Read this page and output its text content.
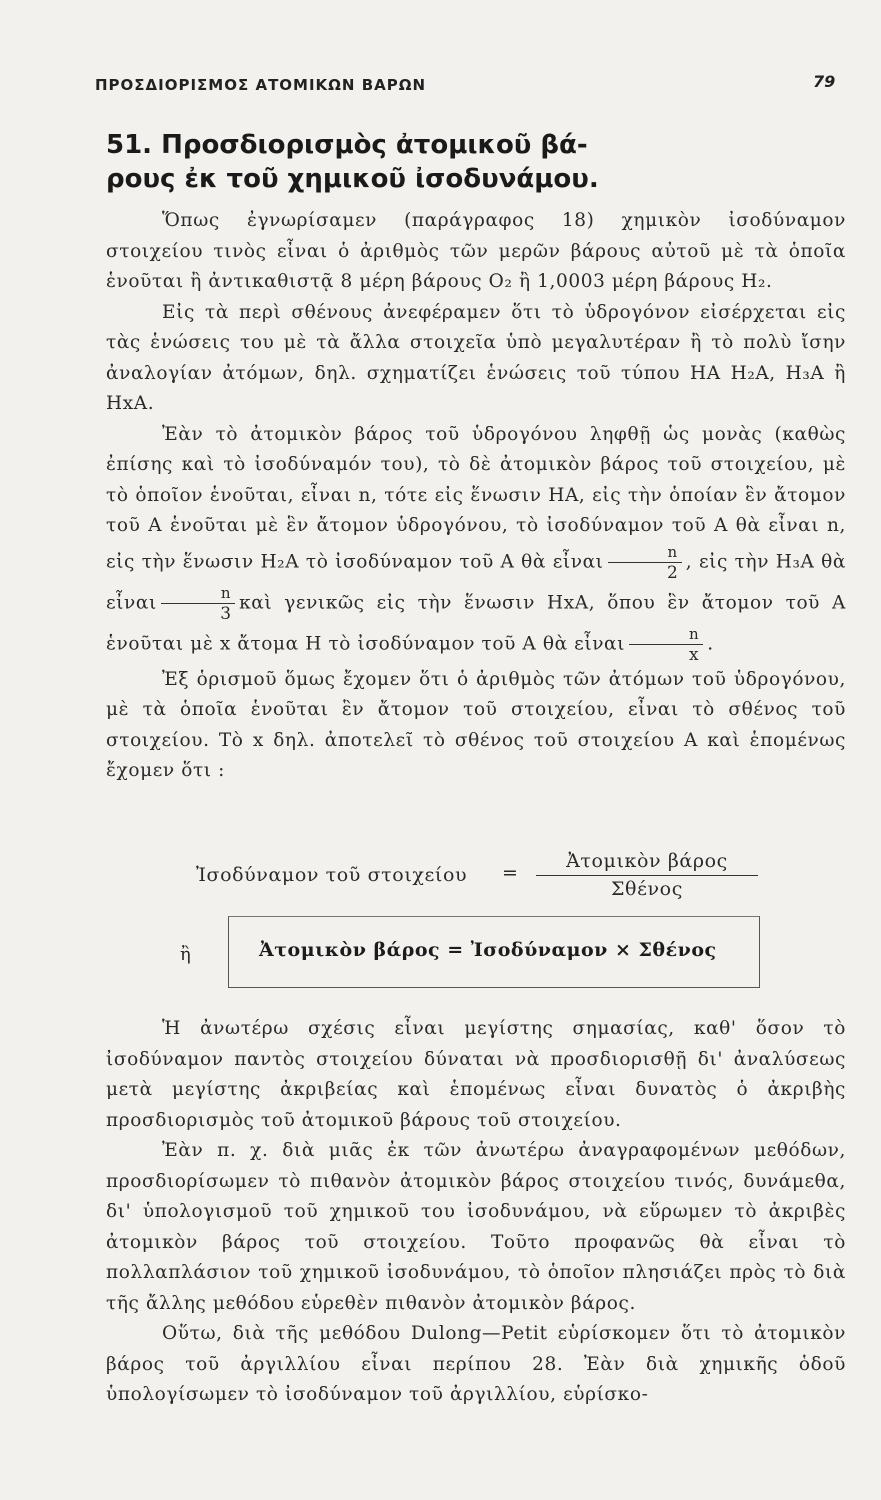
ΠΡΟΣΔΙΟΡΙΣΜΟΣ ΑΤΟΜΙΚΩΝ ΒΑΡΩΝ	79
51. Προσδιορισμὸς ἀτομικοῦ βά- ρους ἐκ τοῦ χημικοῦ ἰσοδυνάμου.

Ὅπως ἐγνωρίσαμεν (παράγραφος 18) χημικὸν ἰσοδύναμον στοιχείου τινὸς εἶναι ὁ ἀριθμὸς τῶν μερῶν βάρους αὐτοῦ μὲ τὰ ὁποῖα ἑνοῦται ἢ ἀντικαθιστᾷ 8 μέρη βάρους O₂ ἢ 1,0003 μέρη βάρους H₂.

Εἰς τὰ περὶ σθένους ἀνεφέραμεν ὅτι τὸ ὑδρογόνον εἰσέρχεται εἰς τὰς ἑνώσεις του μὲ τὰ ἄλλα στοιχεῖα ὑπὸ μεγαλυτέραν ἢ τὸ πολὺ ἴσην ἀναλογίαν ἀτόμων, δηλ. σχηματίζει ἑνώσεις τοῦ τύπου HA H₂A, H₃A ἢ HxA.

Ἐὰν τὸ ἀτομικὸν βάρος τοῦ ὑδρογόνου ληφθῇ ὡς μονὰς (καθὼς ἐπίσης καὶ τὸ ἰσοδύναμόν του), τὸ δὲ ἀτομικὸν βάρος τοῦ στοιχείου, μὲ τὸ ὁποῖον ἑνοῦται, εἶναι n, τότε εἰς ἕνωσιν HA, εἰς τὴν ὁποίαν ἓν ἄτομον τοῦ A ἑνοῦται μὲ ἓν ἄτομον ὑδρογόνου, τὸ ἰσοδύναμον τοῦ A θὰ εἶναι n, εἰς τὴν ἕνωσιν H₂A τὸ ἰσοδύναμον τοῦ A θὰ εἶναι $\frac{n}{2}$ , εἰς τὴν H₃A θὰ εἶναι $\frac{n}{3}$ καὶ γενικῶς εἰς τὴν ἕνωσιν HxA, ὅπου ἓν ἄτομον τοῦ A ἑνοῦται μὲ x ἄτομα H τὸ ἰσοδύναμον τοῦ A θὰ εἶναι $\frac{n}{x}$ .

Ἐξ ὁρισμοῦ ὅμως ἔχομεν ὅτι ὁ ἀριθμὸς τῶν ἀτόμων τοῦ ὑδρογόνου, μὲ τὰ ὁποῖα ἑνοῦται ἓν ἄτομον τοῦ στοιχείου, εἶναι τὸ σθένος τοῦ στοιχείου. Τὸ x δηλ. ἀποτελεῖ τὸ σθένος τοῦ στοιχείου A καὶ ἑπομένως ἔχομεν ὅτι :

Ἰσοδύναμον τοῦ στοιχείου =
Ἀτομικὸν βάρος
Σθένος
ἢ	Ἀτομικὸν βάρος = Ἰσοδύναμον × Σθένος

Ἡ ἀνωτέρω σχέσις εἶναι μεγίστης σημασίας, καθ' ὅσον τὸ ἰσοδύναμον παντὸς στοιχείου δύναται νὰ προσδιορισθῇ δι' ἀναλύσεως μετὰ μεγίστης ἀκριβείας καὶ ἑπομένως εἶναι δυνατὸς ὁ ἀκριβὴς προσδιορισμὸς τοῦ ἀτομικοῦ βάρους τοῦ στοιχείου.

Ἐὰν π. χ. διὰ μιᾶς ἐκ τῶν ἀνωτέρω ἀναγραφομένων μεθόδων, προσδιορίσωμεν τὸ πιθανὸν ἀτομικὸν βάρος στοιχείου τινός, δυνάμεθα, δι' ὑπολογισμοῦ τοῦ χημικοῦ του ἰσοδυνάμου, νὰ εὕρωμεν τὸ ἀκριβὲς ἀτομικὸν βάρος τοῦ στοιχείου. Τοῦτο προφανῶς θὰ εἶναι τὸ πολλαπλάσιον τοῦ χημικοῦ ἰσοδυνάμου, τὸ ὁποῖον πλησιάζει πρὸς τὸ διὰ τῆς ἄλλης μεθόδου εὑρεθὲν πιθανὸν ἀτομικὸν βάρος.

Οὕτω, διὰ τῆς μεθόδου Dulong—Petit εὑρίσκομεν ὅτι τὸ ἀτομικὸν βάρος τοῦ ἀργιλλίου εἶναι περίπου 28. Ἐὰν διὰ χημικῆς ὁδοῦ ὑπολογίσωμεν τὸ ἰσοδύναμον τοῦ ἀργιλλίου, εὑρίσκο-
